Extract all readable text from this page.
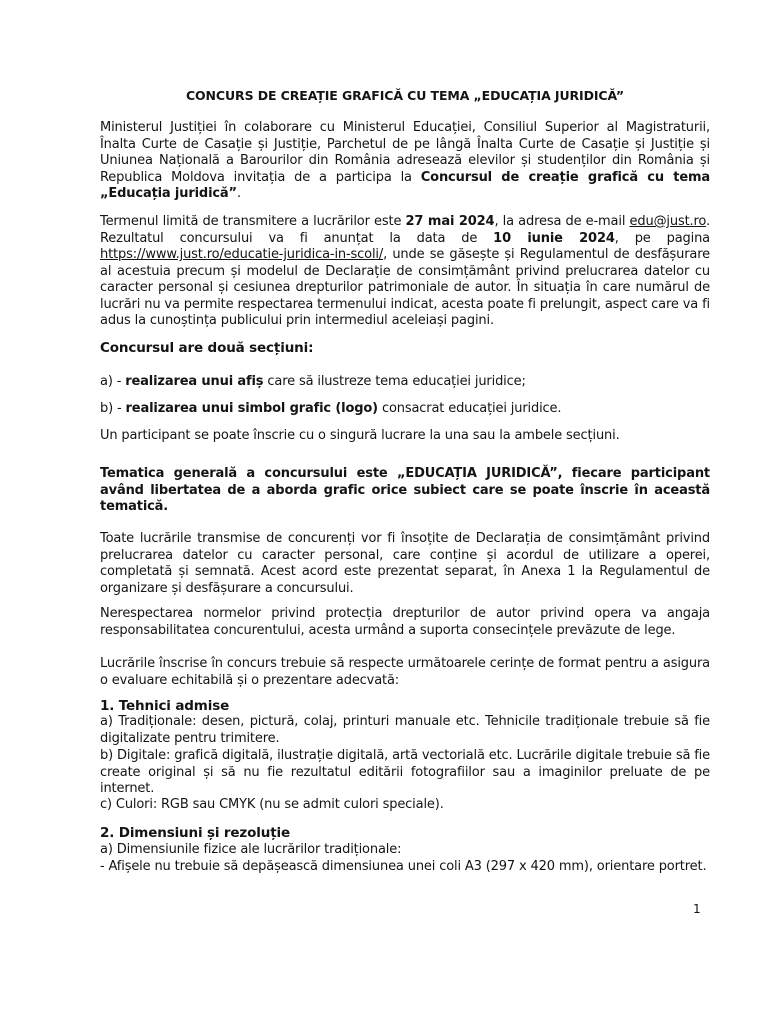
CONCURS DE CREAȚIE GRAFICĂ CU TEMA „EDUCAȚIA JURIDICĂ”
Ministerul Justiției în colaborare cu Ministerul Educației, Consiliul Superior al Magistraturii, Înalta Curte de Casație și Justiție, Parchetul de pe lângă Înalta Curte de Casație și Justiție și Uniunea Națională a Barourilor din România adresează elevilor și studenților din România și Republica Moldova invitația de a participa la Concursul de creație grafică cu tema „Educația juridică”.
Termenul limită de transmitere a lucrărilor este 27 mai 2024, la adresa de e-mail edu@just.ro. Rezultatul concursului va fi anunțat la data de 10 iunie 2024, pe pagina https://www.just.ro/educatie-juridica-in-scoli/, unde se găsește și Regulamentul de desfășurare al acestuia precum și modelul de Declarație de consimțământ privind prelucrarea datelor cu caracter personal și cesiunea drepturilor patrimoniale de autor. În situația în care numărul de lucrări nu va permite respectarea termenului indicat, acesta poate fi prelungit, aspect care va fi adus la cunoștința publicului prin intermediul aceleiași pagini.
Concursul are două secțiuni:
a) - realizarea unui afiș care să ilustreze tema educației juridice;
b) - realizarea unui simbol grafic (logo) consacrat educației juridice.
Un participant se poate înscrie cu o singură lucrare la una sau la ambele secțiuni.
Tematica generală a concursului este „EDUCAȚIA JURIDICĂ”, fiecare participant având libertatea de a aborda grafic orice subiect care se poate înscrie în această tematică.
Toate lucrările transmise de concurenți vor fi însoțite de Declarația de consimțământ privind prelucrarea datelor cu caracter personal, care conține și acordul de utilizare a operei, completată și semnată. Acest acord este prezentat separat, în Anexa 1 la Regulamentul de organizare și desfășurare a concursului.
Nerespectarea normelor privind protecția drepturilor de autor privind opera va angaja responsabilitatea concurentului, acesta urmând a suporta consecințele prevăzute de lege.
Lucrările înscrise în concurs trebuie să respecte următoarele cerințe de format pentru a asigura o evaluare echitabilă și o prezentare adecvată:
1. Tehnici admise
a) Tradiționale: desen, pictură, colaj, printuri manuale etc. Tehnicile tradiționale trebuie să fie digitalizate pentru trimitere.
b) Digitale: grafică digitală, ilustrație digitală, artă vectorială etc. Lucrările digitale trebuie să fie create original și să nu fie rezultatul editării fotografiilor sau a imaginilor preluate de pe internet.
c) Culori: RGB sau CMYK (nu se admit culori speciale).
2. Dimensiuni și rezoluție
a) Dimensiunile fizice ale lucrărilor tradiționale:
- Afișele nu trebuie să depășească dimensiunea unei coli A3 (297 x 420 mm), orientare portret.
1
